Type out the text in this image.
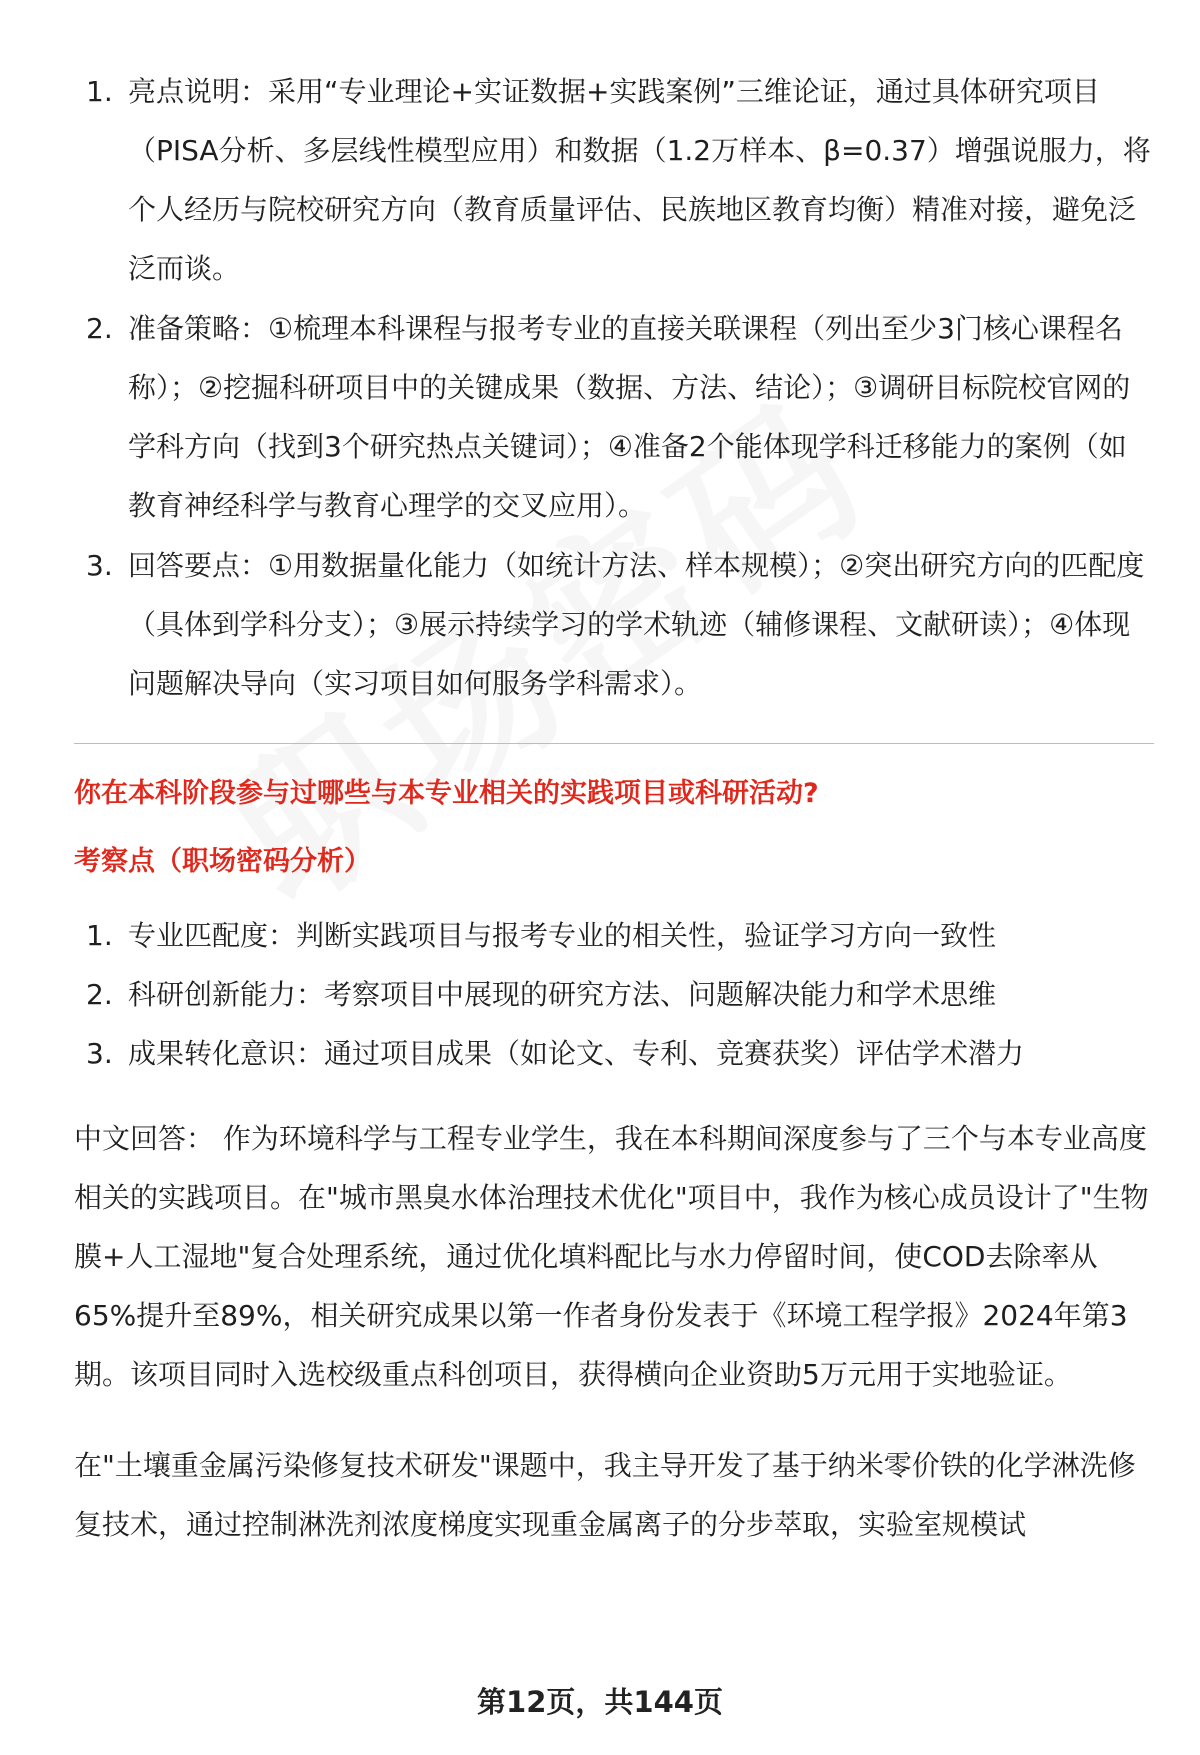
1. 亮点说明：采用“专业理论+实证数据+实践案例”三维论证，通过具体研究项目（PISA分析、多层线性模型应用）和数据（1.2万样本、β=0.37）增强说服力，将个人经历与院校研究方向（教育质量评估、民族地区教育均衡）精准对接，避免泛泛而谈。
2. 准备策略：①梳理本科课程与报考专业的直接关联课程（列出至少3门核心课程名称）；②挖掘科研项目中的关键成果（数据、方法、结论）；③调研目标院校官网的学科方向（找到3个研究热点关键词）；④准备2个能体现学科迁移能力的案例（如教育神经科学与教育心理学的交叉应用）。
3. 回答要点：①用数据量化能力（如统计方法、样本规模）；②突出研究方向的匹配度（具体到学科分支）；③展示持续学习的学术轨迹（辅修课程、文献研读）；④体现问题解决导向（实习项目如何服务学科需求）。
你在本科阶段参与过哪些与本专业相关的实践项目或科研活动?
考察点（职场密码分析）
1. 专业匹配度：判断实践项目与报考专业的相关性，验证学习方向一致性
2. 科研创新能力：考察项目中展现的研究方法、问题解决能力和学术思维
3. 成果转化意识：通过项目成果（如论文、专利、竞赛获奖）评估学术潜力

中文回答： 作为环境科学与工程专业学生，我在本科期间深度参与了三个与本专业高度相关的实践项目。在"城市黑臭水体治理技术优化"项目中，我作为核心成员设计了"生物膜+人工湿地"复合处理系统，通过优化填料配比与水力停留时间，使COD去除率从65%提升至89%，相关研究成果以第一作者身份发表于《环境工程学报》2024年第3期。该项目同时入选校级重点科创项目，获得横向企业资助5万元用于实地验证。

在"土壤重金属污染修复技术研发"课题中，我主导开发了基于纳米零价铁的化学淋洗修复技术，通过控制淋洗剂浓度梯度实现重金属离子的分步萃取，实验室规模试

第12页，共144页
